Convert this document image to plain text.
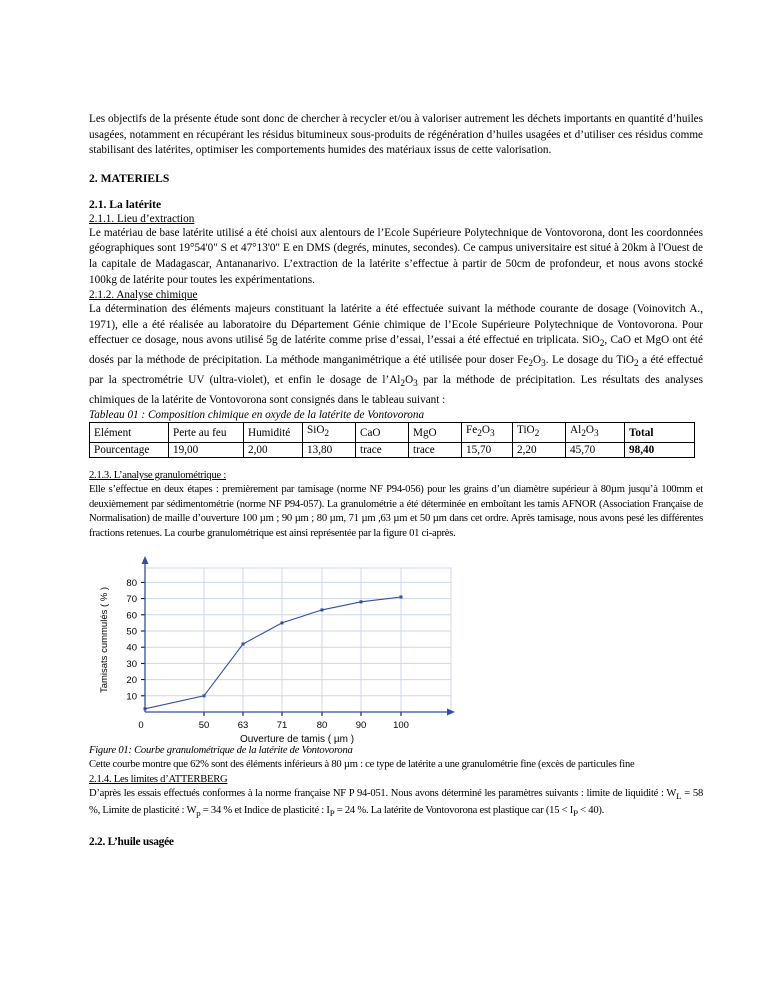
Les objectifs de la présente étude sont donc de chercher à recycler et/ou à valoriser autrement les déchets importants en quantité d’huiles usagées, notamment en récupérant les résidus bitumineux sous-produits de régénération d’huiles usagées et d’utiliser ces résidus comme stabilisant des latérites, optimiser les comportements humides des matériaux issus de cette valorisation.

2. MATERIELS
2.1. La latérite
2.1.1. Lieu d’extraction

Le matériau de base latérite utilisé a été choisi aux alentours de l’Ecole Supérieure Polytechnique de Vontovorona, dont les coordonnées géographiques sont 19°54'0" S et 47°13'0" E en DMS (degrés, minutes, secondes). Ce campus universitaire est situé à 20km à l'Ouest de la capitale de Madagascar, Antananarivo. L’extraction de la latérite s’effectue à partir de 50cm de profondeur, et nous avons stocké 100kg de latérite pour toutes les expérimentations.

2.1.2. Analyse chimique

La détermination des éléments majeurs constituant la latérite a été effectuée suivant la méthode courante de dosage (Voinovitch A., 1971), elle a été réalisée au laboratoire du Département Génie chimique de l’Ecole Supérieure Polytechnique de Vontovorona. Pour effectuer ce dosage, nous avons utilisé 5g de latérite comme prise d’essai, l’essai a été effectué en triplicata. SiO$_2$, CaO et MgO ont été dosés par la méthode de précipitation. La méthode manganimétrique a été utilisée pour doser $Fe_2O_3$. Le dosage du TiO$_2$ a été effectué par la spectrométrie UV (ultra-violet), et enfin le dosage de $l’Al_2O_3$ par la méthode de précipitation. Les résultats des analyses chimiques de la latérite de Vontovorona sont consignés dans le tableau suivant :

Tableau 01 : Composition chimique en oxyde de la latérite de Vontovorona
Elément	Perte au feu	Humidité	SiO$_2$	CaO	MgO	$Fe_2O_3$	TiO$_2$	$Al_2O_3$	Total
Pourcentage	19,00	2,00	13,80	trace	trace	15,70	2,20	45,70	98,40
2.1.3. L’analyse granulométrique :

Elle s’effectue en deux étapes : premièrement par tamisage (norme NF P94-056) pour les grains d’un diamètre supérieur à 80µm jusqu’à 100mm et deuxièmement par sédimentométrie (norme NF P94-057). La granulométrie a été déterminée en emboîtant les tamis AFNOR (Association Française de Normalisation) de maille d’ouverture 100 µm ; 90 µm ; 80 µm, 71 µm ,63 µm et 50 µm dans cet ordre. Après tamisage, nous avons pesé les différentes fractions retenues. La courbe granulométrique est ainsi représentée par la figure 01 ci-après.

10
20
30
40
50
60
70
80
50	63	71	80	90	100
0
Ouverture de tamis ( µm )
Tamisats cummulés ( % )
Figure 01: Courbe granulométrique de la latérite de Vontovorona

Cette courbe montre que 62% sont des éléments inférieurs à 80 µm : ce type de latérite a une granulométrie fine (excès de particules fine

2.1.4. Les limites d’ATTERBERG

D’après les essais effectués conformes à la norme française NF P 94-051. Nous avons déterminé les paramètres suivants : limite de liquidité : $W_L = 58$ %, Limite de plasticité : $W_p = 34$ % et Indice de plasticité : $I_P = 24$ %. La latérite de Vontovorona est plastique car $(15 < I_P < 40)$.

2.2. L’huile usagée
